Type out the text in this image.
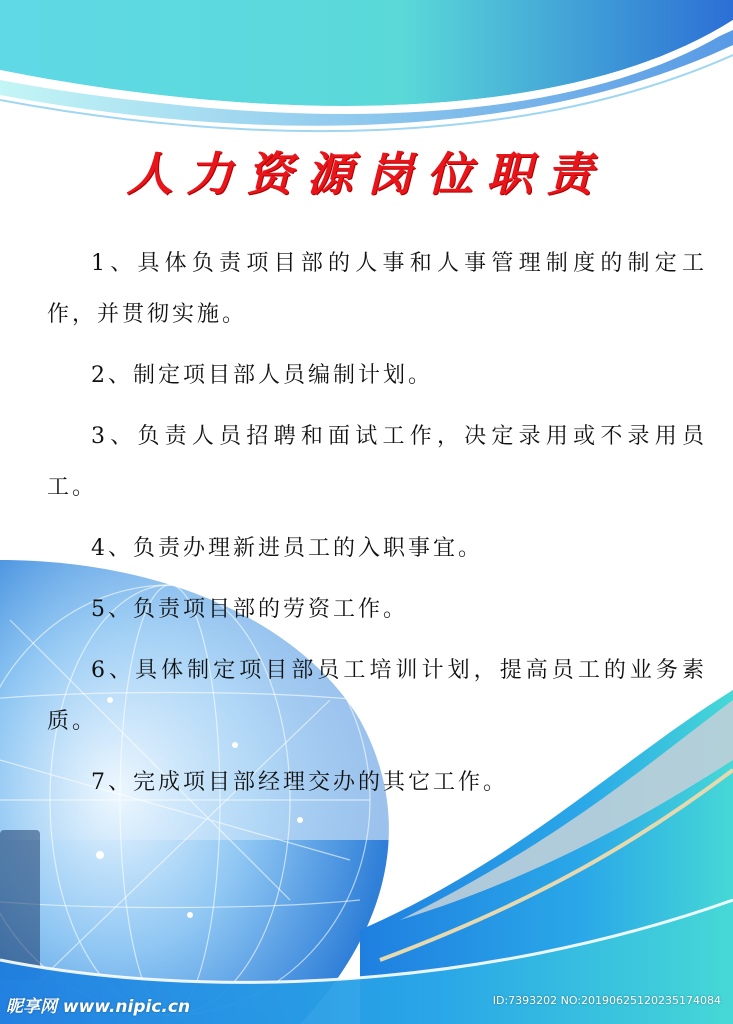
人力资源岗位职责

1、具体负责项目部的人事和人事管理制度的制定工作，并贯彻实施。

2、制定项目部人员编制计划。

3、负责人员招聘和面试工作，决定录用或不录用员工。

4、负责办理新进员工的入职事宜。

5、负责项目部的劳资工作。

6、具体制定项目部员工培训计划，提高员工的业务素质。

7、完成项目部经理交办的其它工作。

昵享网 www.nipic.cn	ID:7393202 NO:20190625120235174084
